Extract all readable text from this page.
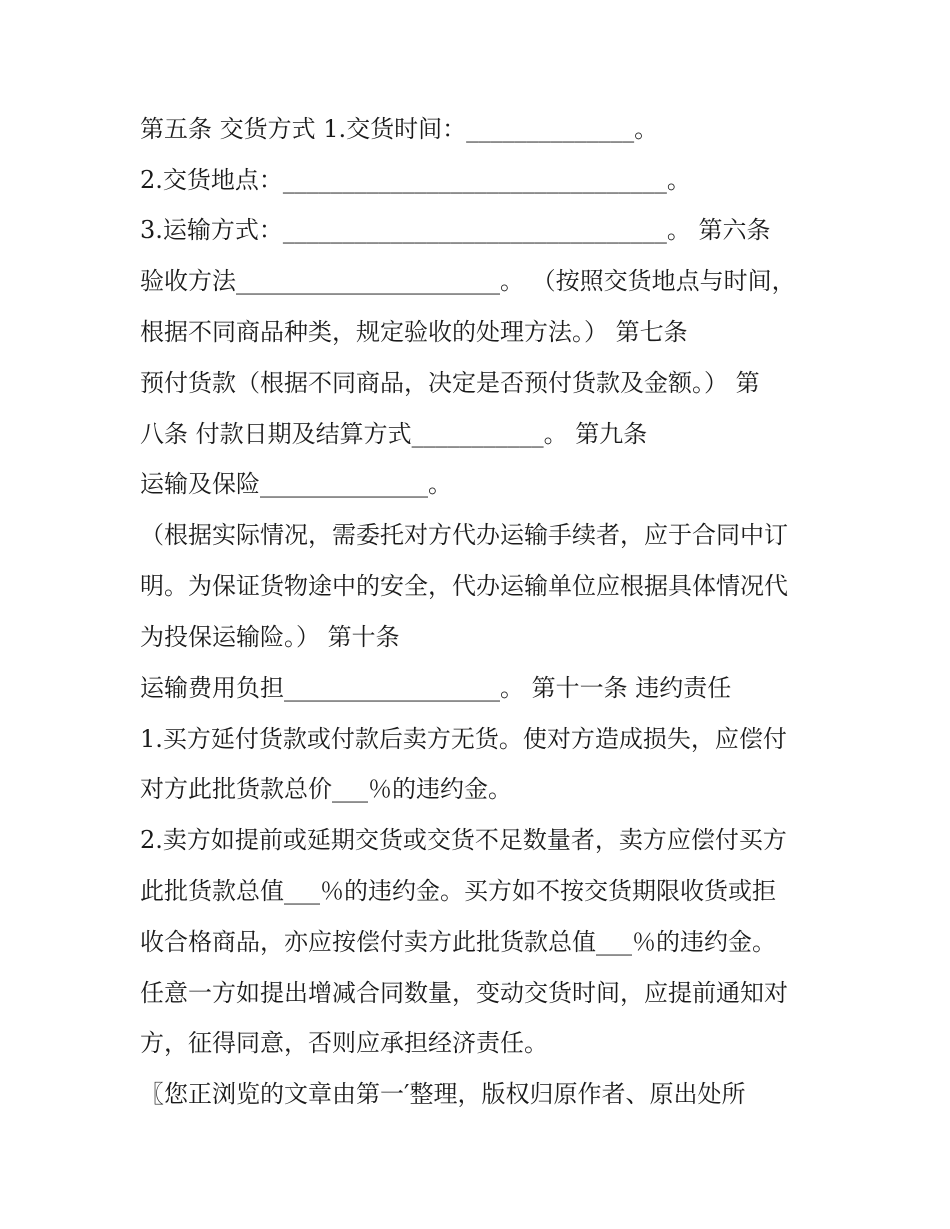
第五条 交货方式 1.交货时间：______________。
2.交货地点：________________________________。
3.运输方式：________________________________。 第六条
验收方法______________________。 （按照交货地点与时间，
根据不同商品种类，规定验收的处理方法。） 第七条
预付货款（根据不同商品，决定是否预付货款及金额。） 第
八条 付款日期及结算方式___________。 第九条
运输及保险______________。
（根据实际情况，需委托对方代办运输手续者，应于合同中订
明。为保证货物途中的安全，代办运输单位应根据具体情况代
为投保运输险。） 第十条
运输费用负担__________________。 第十一条 违约责任
1.买方延付货款或付款后卖方无货。使对方造成损失，应偿付
对方此批货款总价___％的违约金。
2.卖方如提前或延期交货或交货不足数量者，卖方应偿付买方
此批货款总值___％的违约金。买方如不按交货期限收货或拒
收合格商品，亦应按偿付卖方此批货款总值___％的违约金。
任意一方如提出增减合同数量，变动交货时间，应提前通知对
方，征得同意，否则应承担经济责任。
〖您正浏览的文章由第一′整理，版权归原作者、原出处所
